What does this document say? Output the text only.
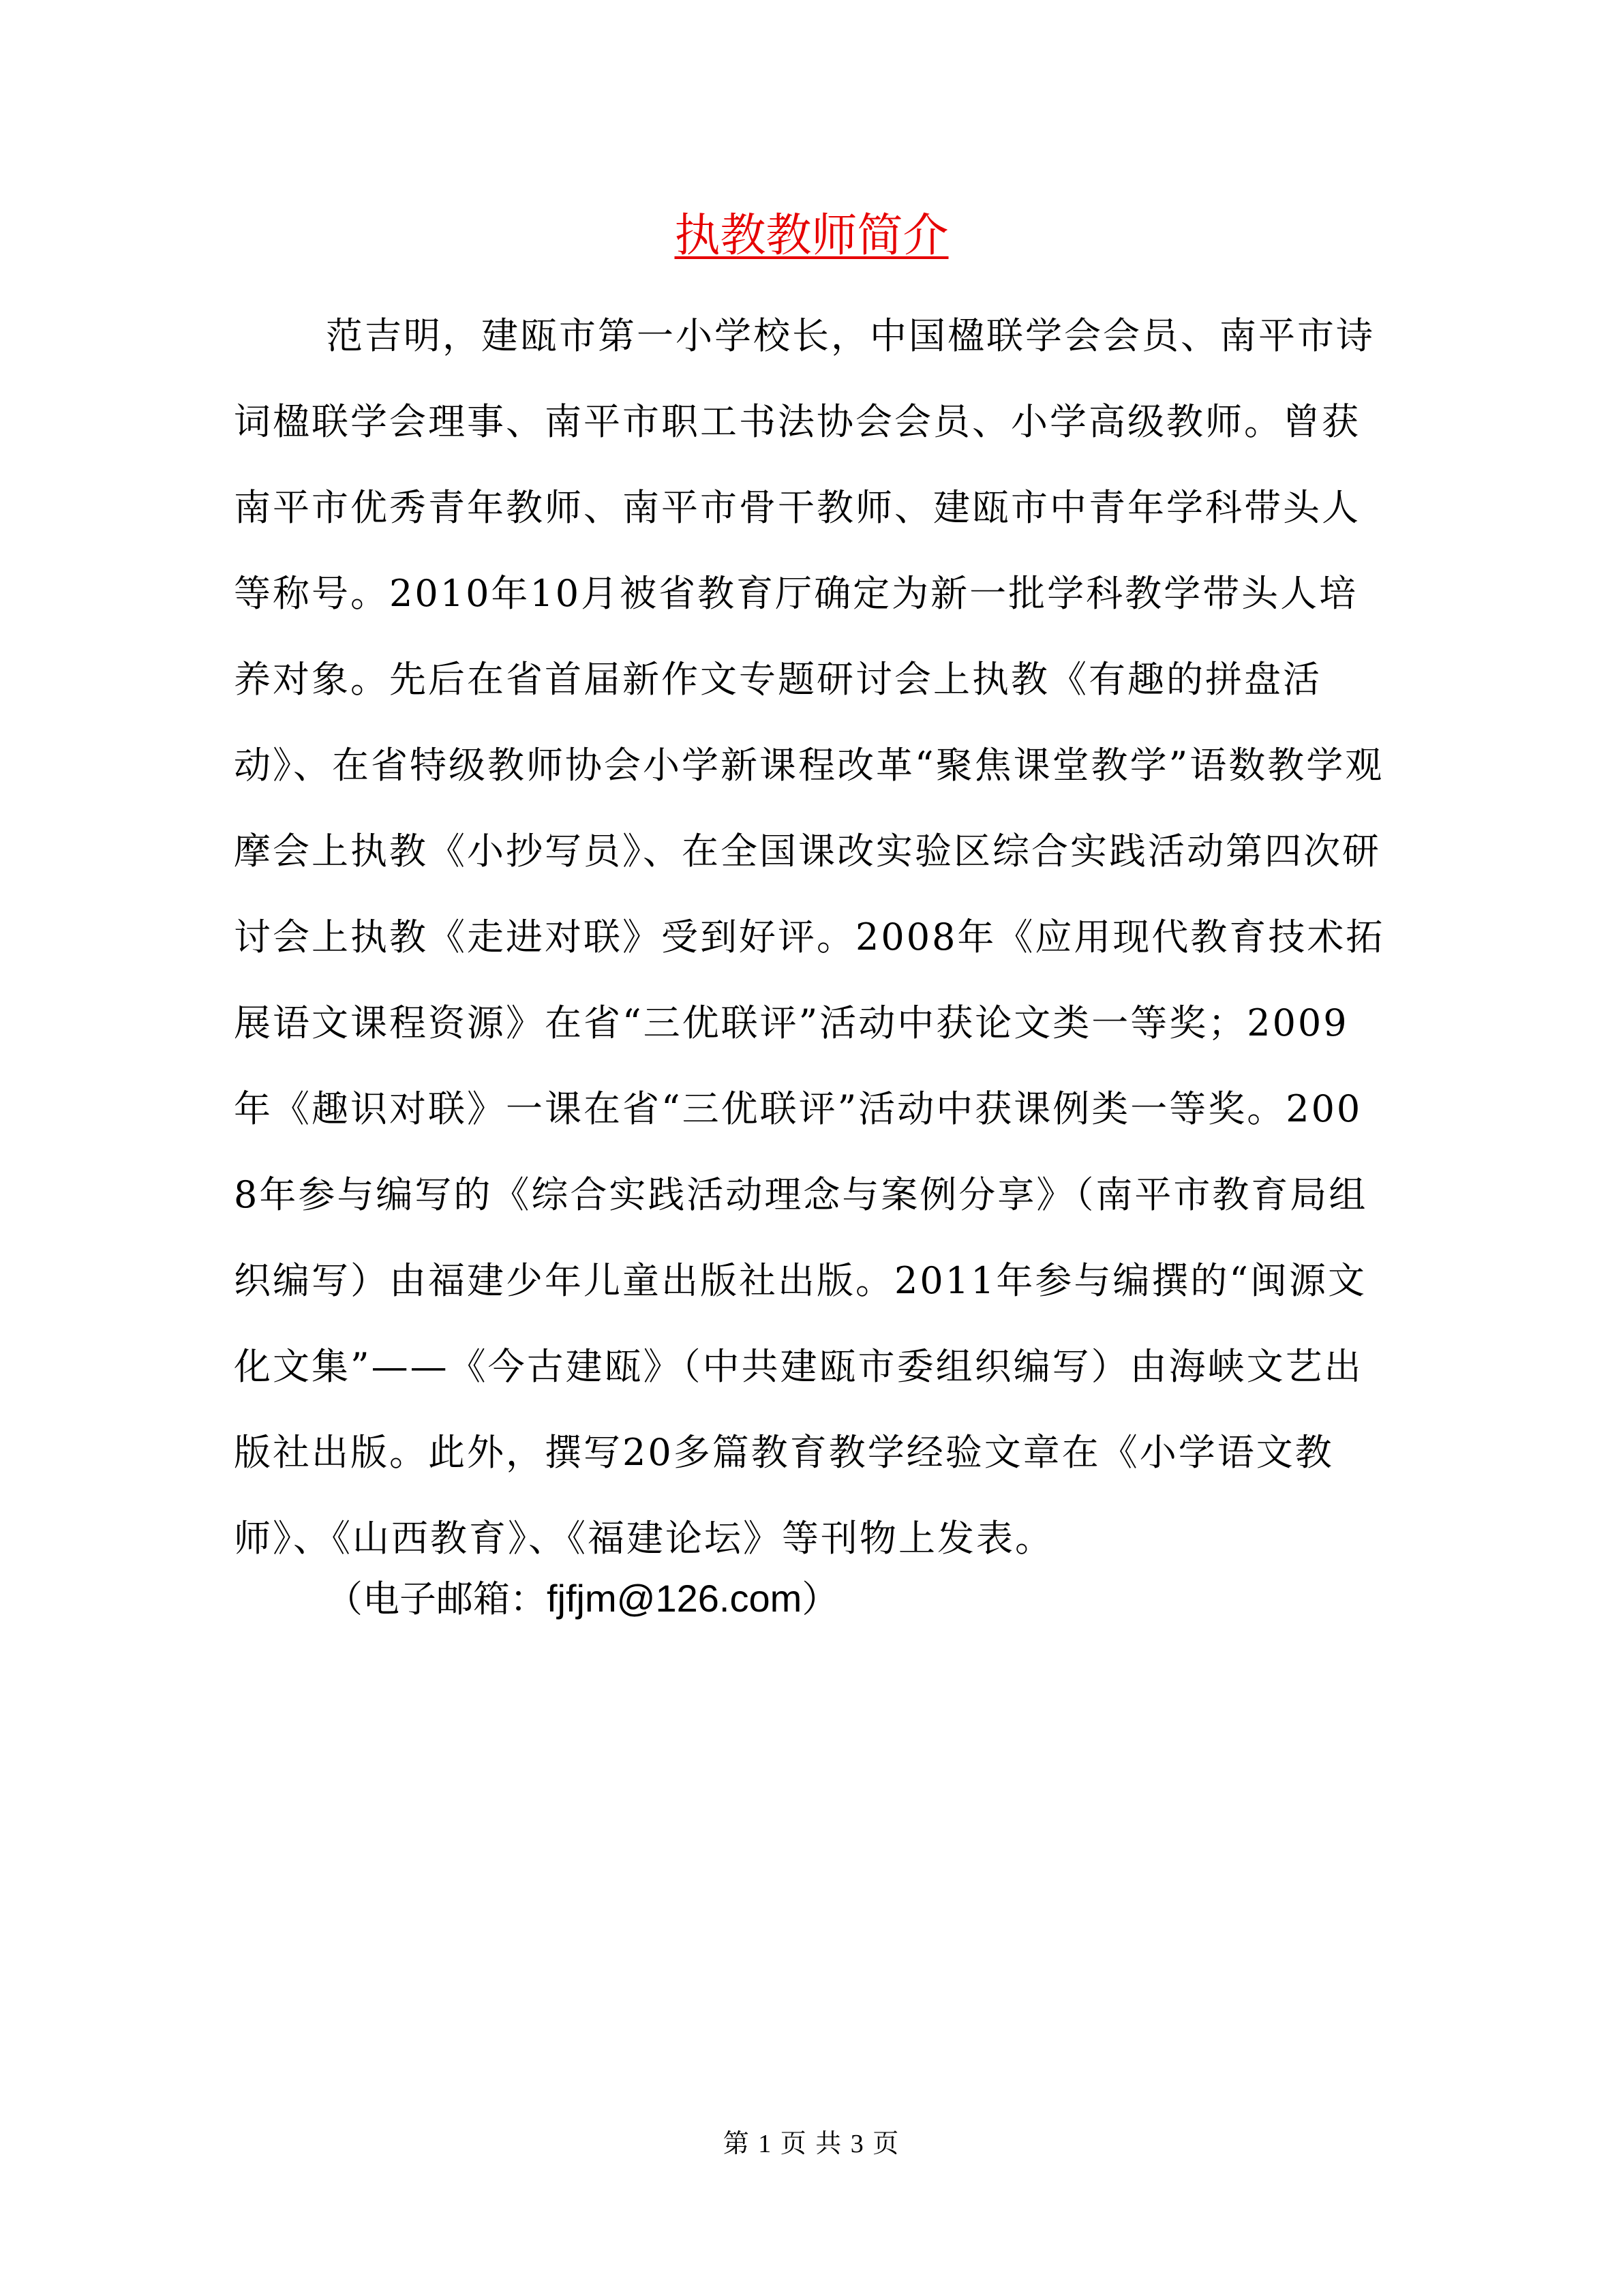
执教教师简介

范吉明，建瓯市第一小学校长，中国楹联学会会员、南平市诗词楹联学会理事、南平市职工书法协会会员、小学高级教师。曾获南平市优秀青年教师、南平市骨干教师、建瓯市中青年学科带头人等称号。2010年10月被省教育厅确定为新一批学科教学带头人培养对象。先后在省首届新作文专题研讨会上执教《有趣的拼盘活动》、在省特级教师协会小学新课程改革“聚焦课堂教学”语数教学观摩会上执教《小抄写员》、在全国课改实验区综合实践活动第四次研讨会上执教《走进对联》受到好评。2008年《应用现代教育技术拓展语文课程资源》在省“三优联评”活动中获论文类一等奖；2009年《趣识对联》一课在省“三优联评”活动中获课例类一等奖。2008年参与编写的《综合实践活动理念与案例分享》（南平市教育局组织编写）由福建少年儿童出版社出版。2011年参与编撰的“闽源文化文集”——《今古建瓯》（中共建瓯市委组织编写）由海峡文艺出版社出版。此外，撰写20多篇教育教学经验文章在《小学语文教师》、《山西教育》、《福建论坛》等刊物上发表。

（电子邮箱：fjfjm@126.com）

第 1 页 共 3 页
